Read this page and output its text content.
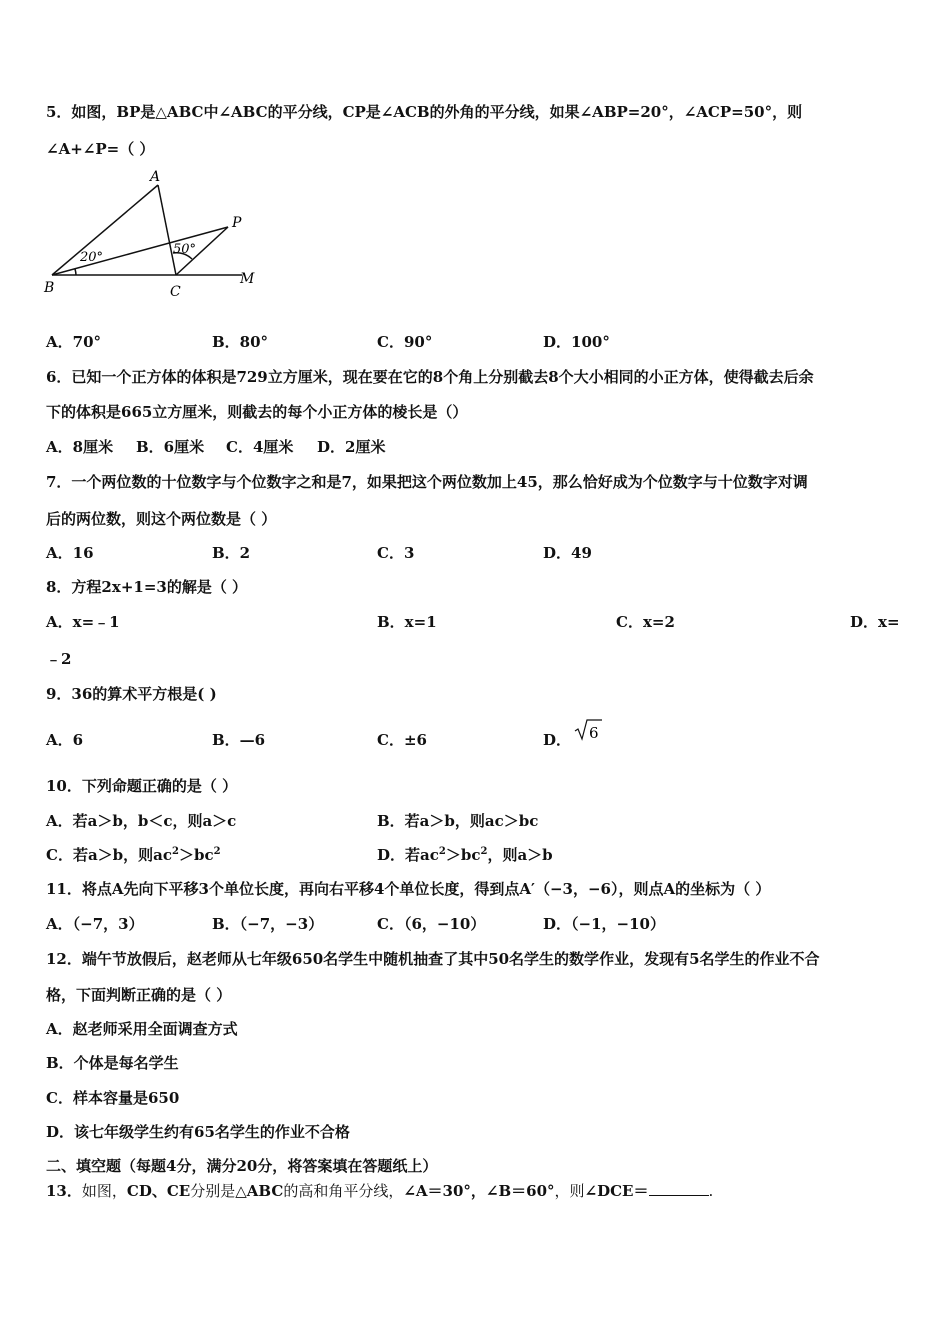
5．如图，BP是△ABC中∠ABC的平分线，CP是∠ACB的外角的平分线，如果∠ABP=20°，∠ACP=50°，则
∠A+∠P=（ ）
A
B	C
P
M
20°
50°
A．70°	B．80°	C．90°	D．100°
6．已知一个正方体的体积是729立方厘米，现在要在它的8个角上分别截去8个大小相同的小正方体，使得截去后余
下的体积是665立方厘米，则截去的每个小正方体的棱长是（）
A．8厘米 B．6厘米 C．4厘米 D．2厘米
7．一个两位数的十位数字与个位数字之和是7，如果把这个两位数加上45，那么恰好成为个位数字与十位数字对调
后的两位数，则这个两位数是（ ）
A．16	B．2	C．3	D．49
8．方程2x+1=3的解是（ ）
A．x=﹣1	B．x=1	C．x=2	D．x=
﹣2
9．36的算术平方根是( )
A．6	B．—6	C．±6	D． 6
10．下列命题正确的是（ ）
A．若a＞b，b＜c，则a＞c	B．若a＞b，则ac＞bc
C．若a＞b，则$ac^2>bc^2$	D．若$ac^2>bc^2$，则a＞b
11．将点A先向下平移3个单位长度，再向右平移4个单位长度，得到点A′（−3，−6），则点A的坐标为（ ）
A．（−7，3）	B．（−7，−3）	C．（6，−10）	D．（−1，−10）
12．端午节放假后，赵老师从七年级650名学生中随机抽查了其中50名学生的数学作业，发现有5名学生的作业不合
格，下面判断正确的是（ ）
A．赵老师采用全面调查方式
B．个体是每名学生
C．样本容量是650
D．该七年级学生约有65名学生的作业不合格
二、填空题（每题4分，满分20分，将答案填在答题纸上）
13．如图，CD、CE分别是△ABC的高和角平分线，∠A＝30°，∠B＝60°，则∠DCE＝	.
